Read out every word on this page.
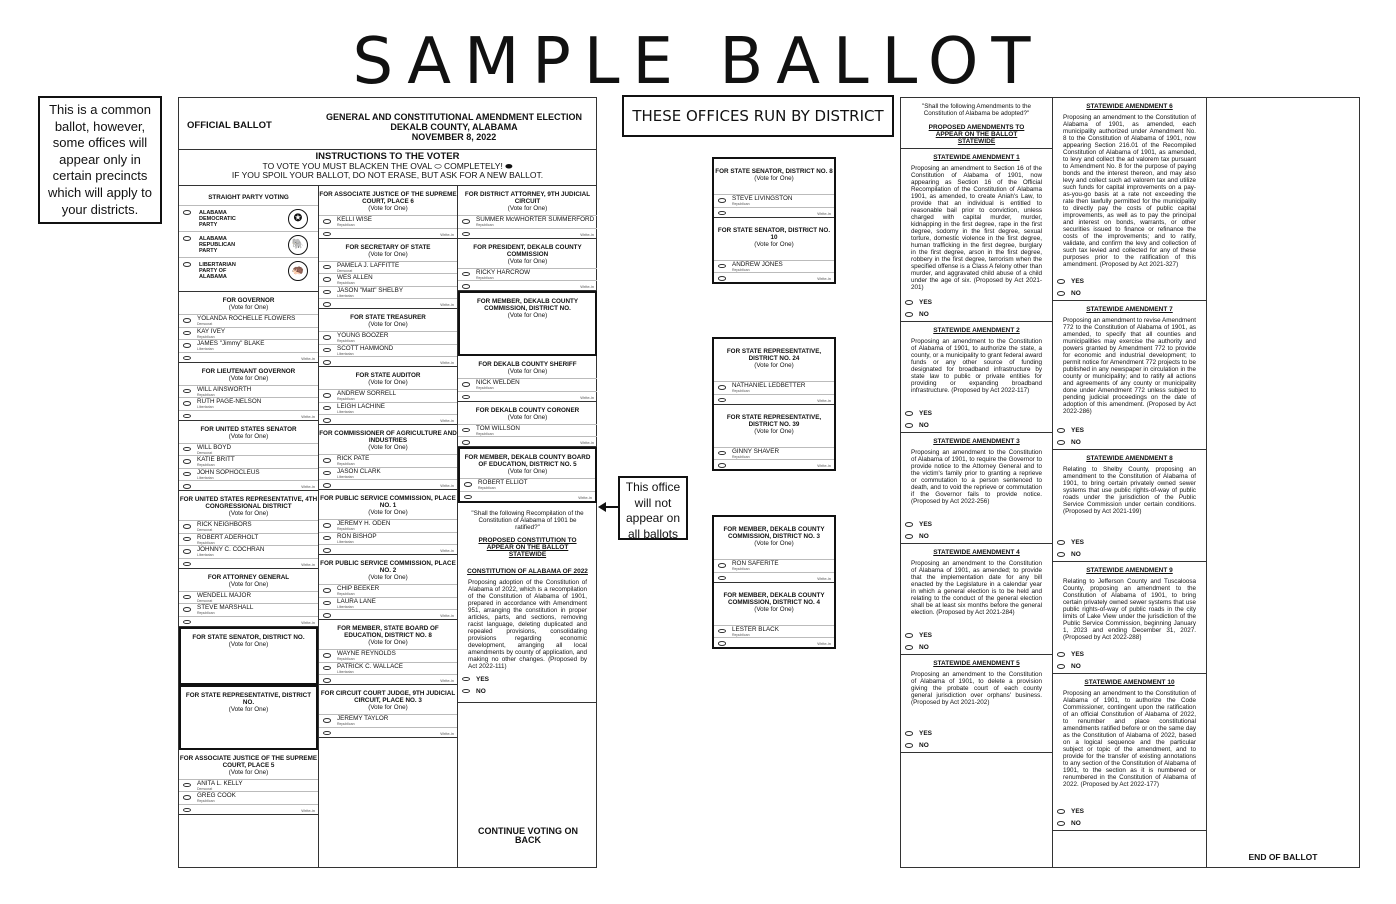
SAMPLE BALLOT
This is a common ballot, however, some offices will appear only in certain precincts which will apply to your districts.
THESE OFFICES RUN BY DISTRICT
This office will not appear on all ballots
OFFICIAL BALLOT
GENERAL AND CONSTITUTIONAL AMENDMENT ELECTION
DEKALB COUNTY, ALABAMA
NOVEMBER 8, 2022
INSTRUCTIONS TO THE VOTER
TO VOTE YOU MUST BLACKEN THE OVAL ⬭ COMPLETELY! ⬬
IF YOU SPOIL YOUR BALLOT, DO NOT ERASE, BUT ASK FOR A NEW BALLOT.
STRAIGHT PARTY VOTING
ALABAMA DEMOCRATIC PARTY
✪
ALABAMA REPUBLICAN PARTY
🐘
LIBERTARIAN PARTY OF ALABAMA
🦔
FOR GOVERNOR
(Vote for One)
YOLANDA ROCHELLE FLOWERS
Democrat
KAY IVEY
Republican
JAMES "Jimmy" BLAKE
Libertarian
Write-in
FOR LIEUTENANT GOVERNOR
(Vote for One)
WILL AINSWORTH
Republican
RUTH PAGE-NELSON
Libertarian
Write-in
FOR UNITED STATES SENATOR
(Vote for One)
WILL BOYD
Democrat
KATIE BRITT
Republican
JOHN SOPHOCLEUS
Libertarian
Write-in
FOR UNITED STATES REPRESENTATIVE, 4TH CONGRESSIONAL DISTRICT
(Vote for One)
RICK NEIGHBORS
Democrat
ROBERT ADERHOLT
Republican
JOHNNY C. COCHRAN
Libertarian
Write-in
FOR ATTORNEY GENERAL
(Vote for One)
WENDELL MAJOR
Democrat
STEVE MARSHALL
Republican
Write-in
FOR STATE SENATOR, DISTRICT NO.
(Vote for One)
FOR STATE REPRESENTATIVE, DISTRICT NO.
(Vote for One)
FOR ASSOCIATE JUSTICE OF THE SUPREME COURT, PLACE 5
(Vote for One)
ANITA L. KELLY
Democrat
GREG COOK
Republican
Write-in
FOR ASSOCIATE JUSTICE OF THE SUPREME COURT, PLACE 6
(Vote for One)
KELLI WISE
Republican
Write-in
FOR SECRETARY OF STATE
(Vote for One)
PAMELA J. LAFFITTE
Democrat
WES ALLEN
Republican
JASON "Matt" SHELBY
Libertarian
Write-in
FOR STATE TREASURER
(Vote for One)
YOUNG BOOZER
Republican
SCOTT HAMMOND
Libertarian
Write-in
FOR STATE AUDITOR
(Vote for One)
ANDREW SORRELL
Republican
LEIGH LACHINE
Libertarian
Write-in
FOR COMMISSIONER OF AGRICULTURE AND INDUSTRIES
(Vote for One)
RICK PATE
Republican
JASON CLARK
Libertarian
Write-in
FOR PUBLIC SERVICE COMMISSION, PLACE NO. 1
(Vote for One)
JEREMY H. ODEN
Republican
RON BISHOP
Libertarian
Write-in
FOR PUBLIC SERVICE COMMISSION, PLACE NO. 2
(Vote for One)
CHIP BEEKER
Republican
LAURA LANE
Libertarian
Write-in
FOR MEMBER, STATE BOARD OF EDUCATION, DISTRICT NO. 8
(Vote for One)
WAYNE REYNOLDS
Republican
PATRICK C. WALLACE
Libertarian
Write-in
FOR CIRCUIT COURT JUDGE, 9TH JUDICIAL CIRCUIT, PLACE NO. 3
(Vote for One)
JEREMY TAYLOR
Republican
Write-in
FOR DISTRICT ATTORNEY, 9TH JUDICIAL CIRCUIT
(Vote for One)
SUMMER McWHORTER SUMMERFORD
Republican
Write-in
FOR PRESIDENT, DEKALB COUNTY COMMISSION
(Vote for One)
RICKY HARCROW
Republican
Write-in
FOR MEMBER, DEKALB COUNTY COMMISSION, DISTRICT NO.
(Vote for One)
FOR DEKALB COUNTY SHERIFF
(Vote for One)
NICK WELDEN
Republican
Write-in
FOR DEKALB COUNTY CORONER
(Vote for One)
TOM WILLSON
Republican
Write-in
FOR MEMBER, DEKALB COUNTY BOARD OF EDUCATION, DISTRICT NO. 5
(Vote for One)
ROBERT ELLIOT
Republican
Write-in
"Shall the following Recompilation of the Constitution of Alabama of 1901 be ratified?"
PROPOSED CONSTITUTION TO APPEAR ON THE BALLOT STATEWIDE
CONSTITUTION OF ALABAMA OF 2022
Proposing adoption of the Constitution of Alabama of 2022, which is a recompilation of the Constitution of Alabama of 1901, prepared in accordance with Amendment 951, arranging the constitution in proper articles, parts, and sections, removing racist language, deleting duplicated and repealed provisions, consolidating provisions regarding economic development, arranging all local amendments by county of application, and making no other changes. (Proposed by Act 2022-111)
YES
NO
CONTINUE VOTING ON BACK
FOR STATE SENATOR, DISTRICT NO. 8
(Vote for One)
STEVE LIVINGSTON
Republican
Write-in
FOR STATE SENATOR, DISTRICT NO. 10
(Vote for One)
ANDREW JONES
Republican
Write-in
FOR STATE REPRESENTATIVE, DISTRICT NO. 24
(Vote for One)
NATHANIEL LEDBETTER
Republican
Write-in
FOR STATE REPRESENTATIVE, DISTRICT NO. 39
(Vote for One)
GINNY SHAVER
Republican
Write-in
FOR MEMBER, DEKALB COUNTY COMMISSION, DISTRICT NO. 3
(Vote for One)
RON SAFERITE
Republican
Write-in
FOR MEMBER, DEKALB COUNTY COMMISSION, DISTRICT NO. 4
(Vote for One)
LESTER BLACK
Republican
Write-in
"Shall the following Amendments to the Constitution of Alabama be adopted?"
PROPOSED AMENDMENTS TO APPEAR ON THE BALLOT STATEWIDE
STATEWIDE AMENDMENT 1
Proposing an amendment to Section 16 of the Constitution of Alabama of 1901, now appearing as Section 16 of the Official Recompilation of the Constitution of Alabama 1901, as amended, to create Aniah's Law, to provide that an individual is entitled to reasonable bail prior to conviction, unless charged with capital murder, murder, kidnapping in the first degree, rape in the first degree, sodomy in the first degree, sexual torture, domestic violence in the first degree, human trafficking in the first degree, burglary in the first degree, arson in the first degree, robbery in the first degree, terrorism when the specified offense is a Class A felony other than murder, and aggravated child abuse of a child under the age of six. (Proposed by Act 2021-201)
YES
NO
STATEWIDE AMENDMENT 2
Proposing an amendment to the Constitution of Alabama of 1901, to authorize the state, a county, or a municipality to grant federal award funds or any other source of funding designated for broadband infrastructure by state law to public or private entities for providing or expanding broadband infrastructure. (Proposed by Act 2022-117)
YES
NO
STATEWIDE AMENDMENT 3
Proposing an amendment to the Constitution of Alabama of 1901, to require the Governor to provide notice to the Attorney General and to the victim's family prior to granting a reprieve or commutation to a person sentenced to death, and to void the reprieve or commutation if the Governor fails to provide notice. (Proposed by Act 2022-256)
YES
NO
STATEWIDE AMENDMENT 4
Proposing an amendment to the Constitution of Alabama of 1901, as amended; to provide that the implementation date for any bill enacted by the Legislature in a calendar year in which a general election is to be held and relating to the conduct of the general election shall be at least six months before the general election. (Proposed by Act 2021-284)
YES
NO
STATEWIDE AMENDMENT 5
Proposing an amendment to the Constitution of Alabama of 1901, to delete a provision giving the probate court of each county general jurisdiction over orphans' business. (Proposed by Act 2021-202)
YES
NO
STATEWIDE AMENDMENT 6
Proposing an amendment to the Constitution of Alabama of 1901, as amended, each municipality authorized under Amendment No. 8 to the Constitution of Alabama of 1901, now appearing Section 216.01 of the Recompiled Constitution of Alabama of 1901, as amended, to levy and collect the ad valorem tax pursuant to Amendment No. 8 for the purpose of paying bonds and the interest thereon, and may also levy and collect such ad valorem tax and utilize such funds for capital improvements on a pay-as-you-go basis at a rate not exceeding the rate then lawfully permitted for the municipality to directly pay the costs of public capital improvements, as well as to pay the principal and interest on bonds, warrants, or other securities issued to finance or refinance the costs of the improvements; and to ratify, validate, and confirm the levy and collection of such tax levied and collected for any of these purposes prior to the ratification of this amendment. (Proposed by Act 2021-327)
YES
NO
STATEWIDE AMENDMENT 7
Proposing an amendment to revise Amendment 772 to the Constitution of Alabama of 1901, as amended, to specify that all counties and municipalities may exercise the authority and powers granted by Amendment 772 to provide for economic and industrial development; to permit notice for Amendment 772 projects to be published in any newspaper in circulation in the county or municipality; and to ratify all actions and agreements of any county or municipality done under Amendment 772 unless subject to pending judicial proceedings on the date of adoption of this amendment. (Proposed by Act 2022-286)
YES
NO
STATEWIDE AMENDMENT 8
Relating to Shelby County, proposing an amendment to the Constitution of Alabama of 1901, to bring certain privately owned sewer systems that use public rights-of-way of public roads under the jurisdiction of the Public Service Commission under certain conditions. (Proposed by Act 2021-199)
YES
NO
STATEWIDE AMENDMENT 9
Relating to Jefferson County and Tuscaloosa County, proposing an amendment to the Constitution of Alabama of 1901, to bring certain privately owned sewer systems that use public rights-of-way of public roads in the city limits of Lake View under the jurisdiction of the Public Service Commission, beginning January 1, 2023 and ending December 31, 2027. (Proposed by Act 2022-288)
YES
NO
STATEWIDE AMENDMENT 10
Proposing an amendment to the Constitution of Alabama of 1901, to authorize the Code Commissioner, contingent upon the ratification of an official Constitution of Alabama of 2022, to renumber and place constitutional amendments ratified before or on the same day as the Constitution of Alabama of 2022, based on a logical sequence and the particular subject or topic of the amendment, and to provide for the transfer of existing annotations to any section of the Constitution of Alabama of 1901, to the section as it is numbered or renumbered in the Constitution of Alabama of 2022. (Proposed by Act 2022-177)
YES
NO
END OF BALLOT
